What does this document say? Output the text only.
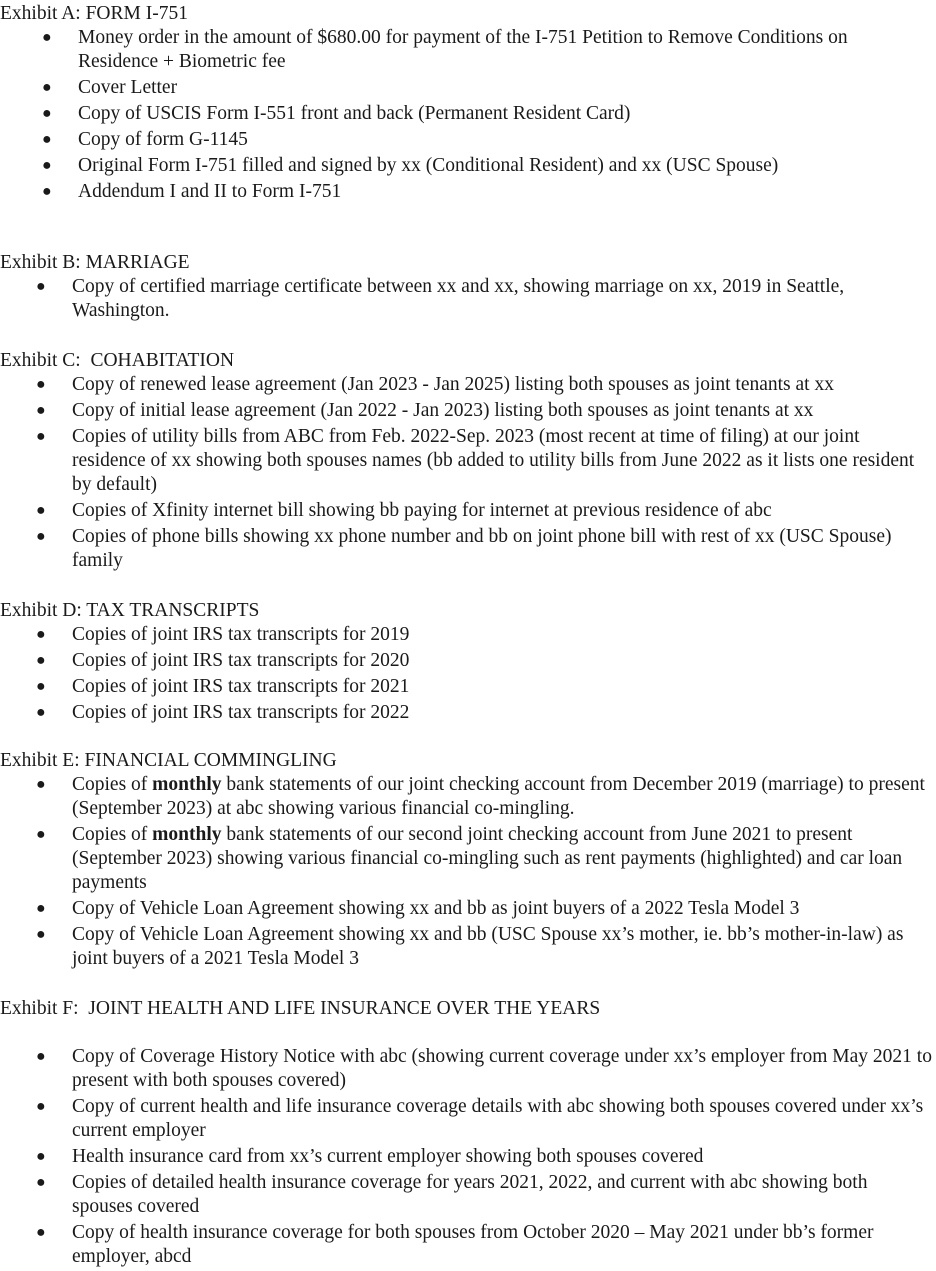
Exhibit A: FORM I-751
● Money order in the amount of $680.00 for payment of the I-751 Petition to Remove Conditions on Residence + Biometric fee
● Cover Letter
● Copy of USCIS Form I-551 front and back (Permanent Resident Card)
● Copy of form G-1145
● Original Form I-751 filled and signed by xx (Conditional Resident) and xx (USC Spouse)
● Addendum I and II to Form I-751
Exhibit B: MARRIAGE
● Copy of certified marriage certificate between xx and xx, showing marriage on xx, 2019 in Seattle, Washington.
Exhibit C:  COHABITATION
● Copy of renewed lease agreement (Jan 2023 - Jan 2025) listing both spouses as joint tenants at xx
● Copy of initial lease agreement (Jan 2022 - Jan 2023) listing both spouses as joint tenants at xx
● Copies of utility bills from ABC from Feb. 2022-Sep. 2023 (most recent at time of filing) at our joint residence of xx showing both spouses names (bb added to utility bills from June 2022 as it lists one resident by default)
● Copies of Xfinity internet bill showing bb paying for internet at previous residence of abc
● Copies of phone bills showing xx phone number and bb on joint phone bill with rest of xx (USC Spouse) family
Exhibit D: TAX TRANSCRIPTS
● Copies of joint IRS tax transcripts for 2019
● Copies of joint IRS tax transcripts for 2020
● Copies of joint IRS tax transcripts for 2021
● Copies of joint IRS tax transcripts for 2022
Exhibit E: FINANCIAL COMMINGLING
● Copies of monthly bank statements of our joint checking account from December 2019 (marriage) to present (September 2023) at abc showing various financial co-mingling.
● Copies of monthly bank statements of our second joint checking account from June 2021 to present (September 2023) showing various financial co-mingling such as rent payments (highlighted) and car loan payments
● Copy of Vehicle Loan Agreement showing xx and bb as joint buyers of a 2022 Tesla Model 3
● Copy of Vehicle Loan Agreement showing xx and bb (USC Spouse xx’s mother, ie. bb’s mother-in-law) as joint buyers of a 2021 Tesla Model 3
Exhibit F:  JOINT HEALTH AND LIFE INSURANCE OVER THE YEARS
● Copy of Coverage History Notice with abc (showing current coverage under xx’s employer from May 2021 to present with both spouses covered)
● Copy of current health and life insurance coverage details with abc showing both spouses covered under xx’s current employer
● Health insurance card from xx’s current employer showing both spouses covered
● Copies of detailed health insurance coverage for years 2021, 2022, and current with abc showing both spouses covered
● Copy of health insurance coverage for both spouses from October 2020 – May 2021 under bb’s former employer, abcd
